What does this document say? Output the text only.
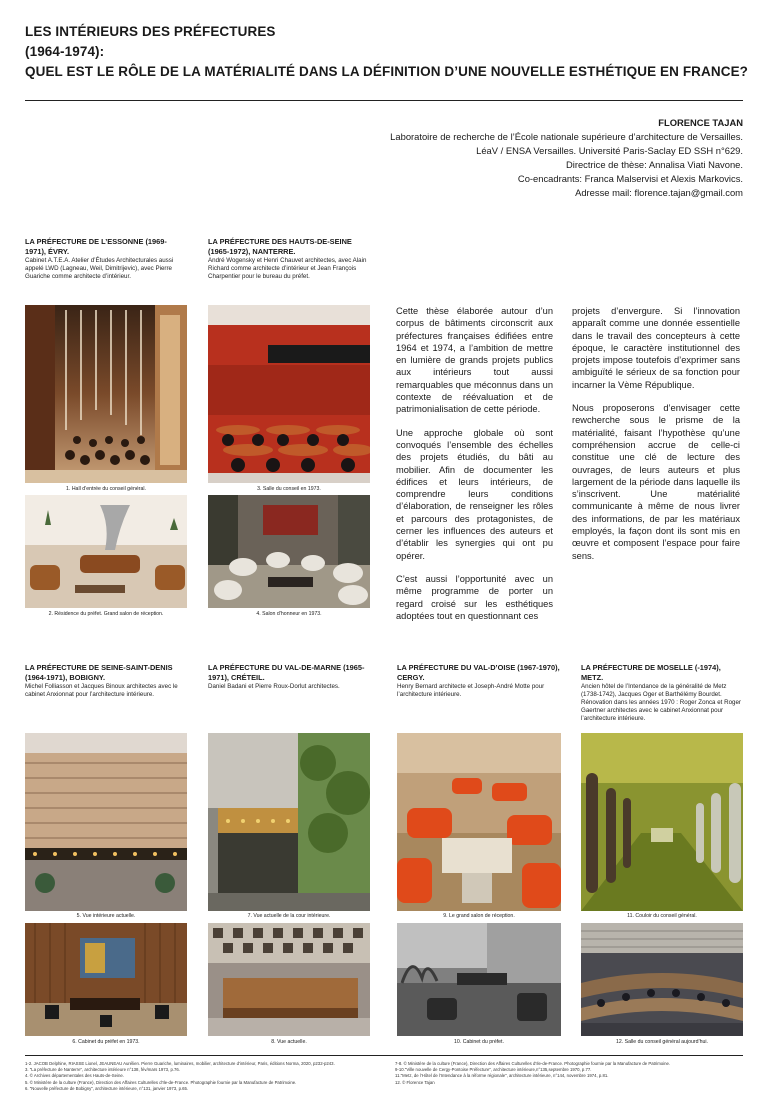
LES INTÉRIEURS DES PRÉFECTURES
(1964-1974):
QUEL EST LE RÔLE DE LA MATÉRIALITÉ DANS LA DÉFINITION D’UNE NOUVELLE ESTHÉTIQUE EN FRANCE?
FLORENCE TAJAN
Laboratoire de recherche de l’École nationale supérieure d’architecture de Versailles.
LéaV / ENSA Versailles. Université Paris-Saclay ED SSH n°629.
Directrice de thèse: Annalisa Viati Navone.
Co-encadrants: Franca Malservisi et Alexis Markovics.
Adresse mail: florence.tajan@gmail.com
LA PRÉFECTURE DE L’ESSONNE (1969-1971), ÉVRY.
Cabinet A.T.E.A. Atelier d’Études Architecturales aussi appelé LWD (Lagneau, Weil, Dimitrijevic), avec Pierre Guariche comme architecte d’intérieur.
LA PRÉFECTURE DES HAUTS-DE-SEINE (1965-1972), NANTERRE.
André Wogensky et Henri Chauvet architectes, avec Alain Richard comme architecte d’intérieur et Jean François Charpentier pour le bureau du préfet.
1. Hall d’entrée du conseil général.	3. Salle du conseil en 1973.
2. Résidence du préfet. Grand salon de réception.	4. Salon d’honneur en 1973.

Cette thèse élaborée autour d’un corpus de bâtiments circonscrit aux préfectures françaises édifiées entre 1964 et 1974, a l’ambition de mettre en lumière de grands projets publics aux intérieurs tout aussi remarquables que méconnus dans un contexte de réévaluation et de patrimonialisation de cette période.

Une approche globale où sont convoqués l’ensemble des échelles des projets étudiés, du bâti au mobilier. Afin de documenter les édifices et leurs intérieurs, de comprendre leurs conditions d’élaboration, de renseigner les rôles et parcours des protagonistes, de cerner les influences des auteurs et d’établir les synergies qui ont pu opérer.

C’est aussi l’opportunité avec un même programme de porter un regard croisé sur les esthétiques adoptées tout en questionnant ces

projets d’envergure. Si l’innovation apparaît comme une donnée essentielle dans le travail des concepteurs à cette époque, le caractère institutionnel des projets impose toutefois d’exprimer sans ambiguïté le sérieux de sa fonction pour incarner la Vème République.

Nous proposerons d’envisager cette rewcherche sous le prisme de la matérialité, faisant l’hypothèse qu’une compréhension accrue de celle-ci constitue une clé de lecture des ouvrages, de leurs auteurs et plus largement de la période dans laquelle ils s’inscrivent. Une matérialité communicante à même de nous livrer des informations, de par les matériaux employés, la façon dont ils sont mis en œuvre et composent l’espace pour faire sens.

LA PRÉFECTURE DE SEINE-SAINT-DENIS (1964-1971), BOBIGNY.
Michel Folliasson et Jacques Binoux architectes avec le cabinet Anxionnat pour l’architecture intérieure.
LA PRÉFECTURE DU VAL-DE-MARNE (1965-1971), CRÉTEIL.
Daniel Badani et Pierre Roux-Dorlut architectes.
LA PRÉFECTURE DU VAL-D’OISE (1967-1970), CERGY.
Henry Bernard architecte et Joseph-André Motte pour l’architecture intérieure.
LA PRÉFECTURE DE MOSELLE (-1974), METZ.
Ancien hôtel de l’Intendance de la généralité de Metz (1738-1742), Jacques Oger et Barthélémy Bourdet. Rénovation dans les années 1970 : Roger Zonca et Roger Gaertner architectes avec le cabinet Anxionnat pour l’architecture intérieure.
5. Vue intérieure actuelle.	7. Vue actuelle de la cour intérieure.	9. Le grand salon de réception.	11. Couloir du conseil général.
6. Cabinet du préfet en 1973.	8. Vue actuelle.	10. Cabinet du préfet.	12. Salle du conseil général aujourd’hui.
1-2. JACOB Delphine, RIASSE Lionel, JEAUNEAU Aurélien. Pierre Guariche, luminaires, mobilier, architecture d’intérieur, Paris, éditions Norma, 2020, p232-p243.
3. "La préfecture de Nanterre", architecture intérieure n°138, fév/mars 1973, p.76.
4. © Archives départementales des Hauts-de-Seine.
5. © Ministère de la culture (France), Direction des Affaires Culturelles d’Ile-de-France. Photographie fournie par la Manufacture de Patrimoine.
6. "Nouvelle préfecture de Bobigny", architecture intérieure, n°131, janvier 1973, p.65.
7-8. © Ministère de la culture (France), Direction des Affaires Culturelles d’Ile-de-France. Photographie fournie par la Manufacture de Patrimoine.
9-10."Ville nouvelle de Cergy-Pontoise Préfecture", architecture intérieure,n°135,septembre 1970, p.77.
11."Metz, de l’Hôtel de l’Intendance à la réforme régionale", architecture intérieure, n°144, novembre 1974, p.81.
12. © Florence Tajan
